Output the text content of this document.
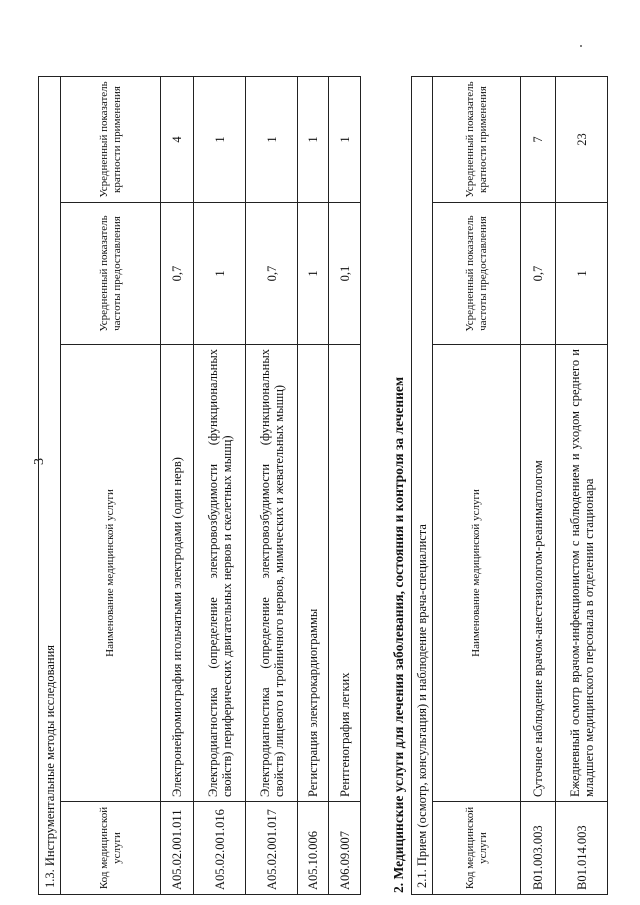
3
1.3. Инструментальные методы исследования			
Код медицинской услуги	Наименование медицинской услуги	Усредненный показатель частоты предоставления	Усредненный показатель кратности применения
A05.02.001.011	Электронейромиография игольчатыми электродами (один нерв)	0,7	4
A05.02.001.016	Электродиагностика (определение электровозбудимости (функциональных свойств) периферических двигательных нервов и скелетных мышц)	1	1
A05.02.001.017	Электродиагностика (определение электровозбудимости (функциональных свойств) лицевого и тройничного нервов, мимических и жевательных мышц)	0,7	1
A05.10.006	Регистрация электрокардиограммы	1	1
A06.09.007	Рентгенография легких	0,1	1
2. Медицинские услуги для лечения заболевания, состояния и контроля за лечением 2.1. Прием (осмотр, консультация) и наблюдение врача-специалиста			
Код медицинской услуги	Наименование медицинской услуги	Усредненный показатель частоты предоставления	Усредненный показатель кратности применения
B01.003.003	Суточное наблюдение врачом-анестезиологом-реаниматологом	0,7	7
B01.014.003	Ежедневный осмотр врачом-инфекционистом с наблюдением и уходом среднего и младшего медицинского персонала в отделении стационара	1	23
